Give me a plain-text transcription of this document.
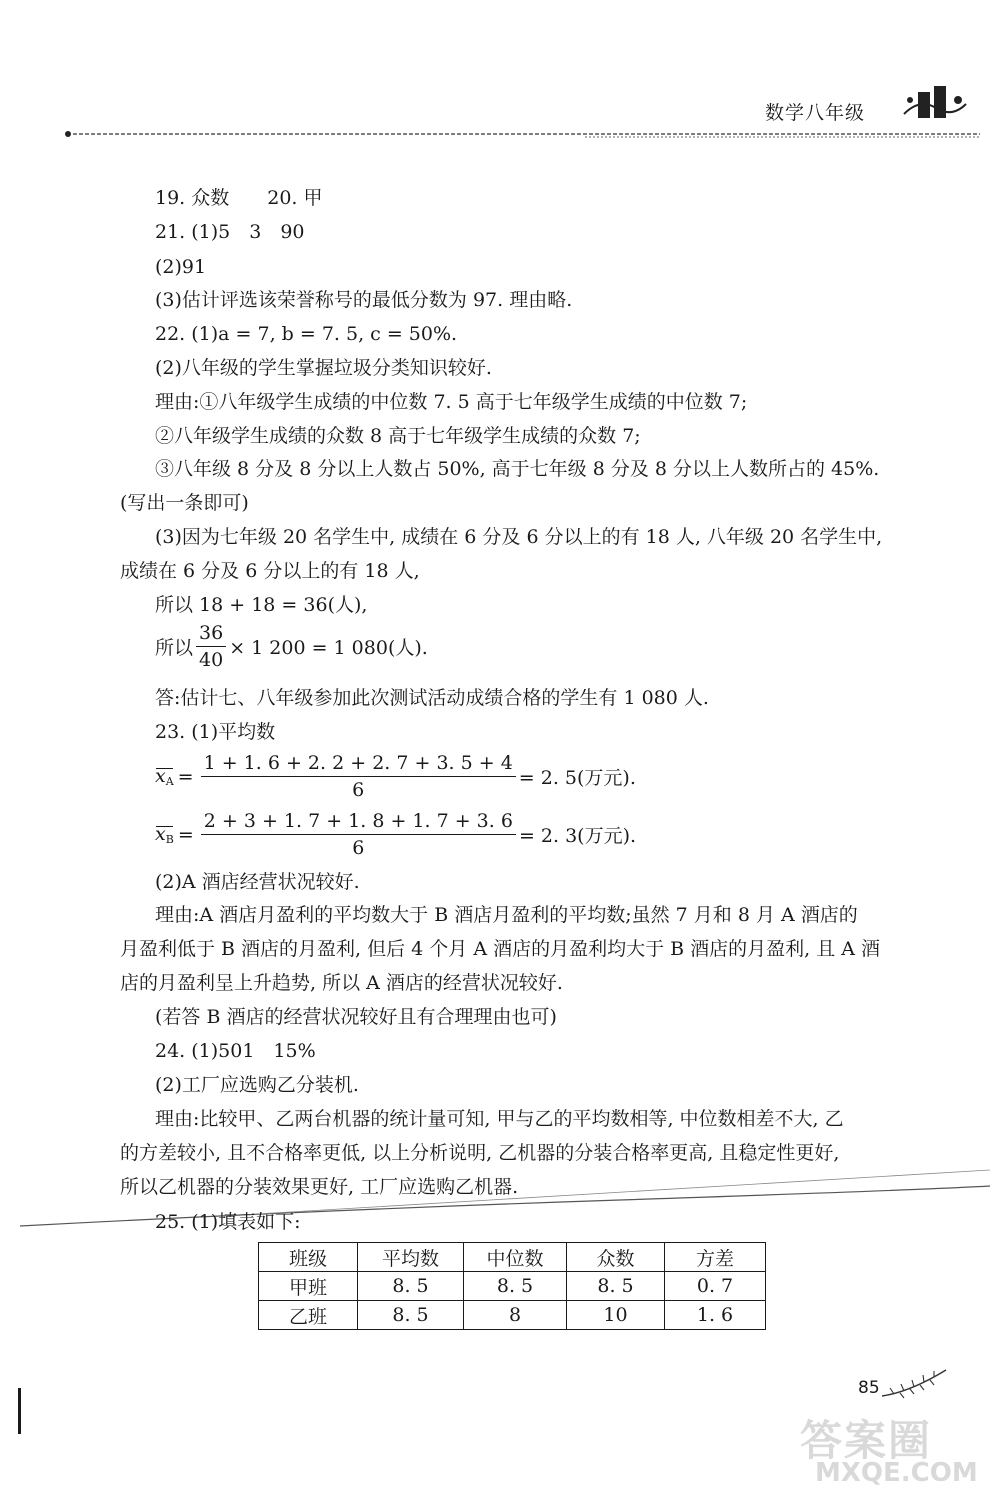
数学八年级
19. 众数　　20. 甲
21. (1)5　3　90
(2)91
(3)估计评选该荣誉称号的最低分数为 97. 理由略.
22. (1)a = 7, b = 7. 5, c = 50%.
(2)八年级的学生掌握垃圾分类知识较好.
理由:①八年级学生成绩的中位数 7. 5 高于七年级学生成绩的中位数 7;
②八年级学生成绩的众数 8 高于七年级学生成绩的众数 7;
③八年级 8 分及 8 分以上人数占 50%, 高于七年级 8 分及 8 分以上人数所占的 45%.
(写出一条即可)
(3)因为七年级 20 名学生中, 成绩在 6 分及 6 分以上的有 18 人, 八年级 20 名学生中,
成绩在 6 分及 6 分以上的有 18 人,
所以 18 + 18 = 36(人),
所以 $\frac{36}{40} \times 1$ 200 = 1 080(人).
答:估计七、八年级参加此次测试活动成绩合格的学生有 1 080 人.
23. (1)平均数
$x_A = \frac{1 + 1. 6 + 2. 2 + 2. 7 + 3. 5 + 4}{6} = 2$. 5(万元).
$x_B = \frac{2 + 3 + 1. 7 + 1. 8 + 1. 7 + 3. 6}{6} = 2$. 3(万元).
(2)A 酒店经营状况较好.
理由:A 酒店月盈利的平均数大于 B 酒店月盈利的平均数;虽然 7 月和 8 月 A 酒店的
月盈利低于 B 酒店的月盈利, 但后 4 个月 A 酒店的月盈利均大于 B 酒店的月盈利, 且 A 酒
店的月盈利呈上升趋势, 所以 A 酒店的经营状况较好.
(若答 B 酒店的经营状况较好且有合理理由也可)
24. (1)501　15%
(2)工厂应选购乙分装机.
理由:比较甲、乙两台机器的统计量可知, 甲与乙的平均数相等, 中位数相差不大, 乙
的方差较小, 且不合格率更低, 以上分析说明, 乙机器的分装合格率更高, 且稳定性更好,
所以乙机器的分装效果更好, 工厂应选购乙机器.
25. (1)填表如下:
班级	平均数	中位数	众数	方差
甲班	8. 5	8. 5	8. 5	0. 7
乙班	8. 5	8	10	1. 6
85
答案圈
MXQE.COM
